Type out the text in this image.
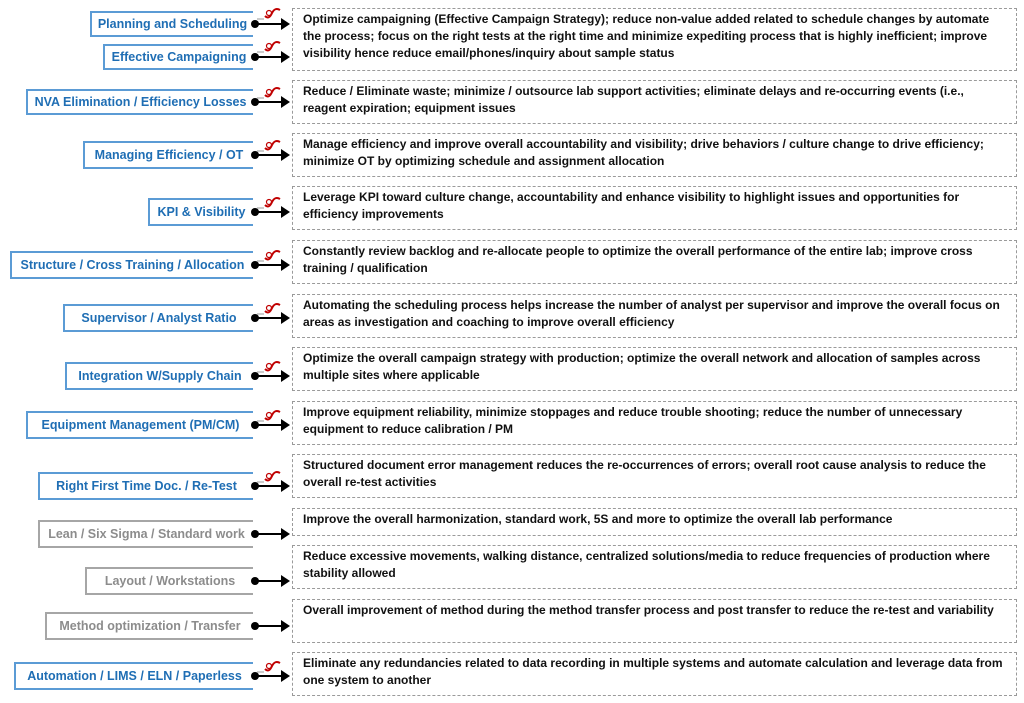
Planning and Scheduling
Effective Campaigning
Optimize campaigning (Effective Campaign Strategy); reduce non-value added related to schedule changes by automate the process; focus on the right tests at the right time and minimize expediting process that is highly inefficient; improve visibility hence reduce email/phones/inquiry about sample status
NVA Elimination / Efficiency Losses
Reduce / Eliminate waste; minimize / outsource lab support activities; eliminate delays and re-occurring events (i.e., reagent expiration; equipment issues
Managing Efficiency / OT
Manage efficiency and improve overall accountability and visibility; drive behaviors / culture change to drive efficiency; minimize OT by optimizing schedule and assignment allocation
KPI & Visibility
Leverage KPI toward culture change, accountability and enhance visibility to highlight issues and opportunities for efficiency improvements
Structure / Cross Training / Allocation
Constantly review backlog and re-allocate people to optimize the overall performance of the entire lab; improve cross training / qualification
Supervisor / Analyst Ratio
Automating the scheduling process helps increase the number of analyst per supervisor and improve the overall focus on areas as investigation and coaching to improve overall efficiency
Integration W/Supply Chain
Optimize the overall campaign strategy with production; optimize the overall network and allocation of samples across multiple sites where applicable
Equipment Management (PM/CM)
Improve equipment reliability, minimize stoppages and reduce trouble shooting; reduce the number of unnecessary equipment to reduce calibration / PM
Right First Time Doc. / Re-Test
Structured document error management reduces the re-occurrences of errors; overall root cause analysis to reduce the overall re-test activities
Lean / Six Sigma / Standard work
Improve the overall harmonization, standard work, 5S and more to optimize the overall lab performance
Layout / Workstations
Reduce excessive movements, walking distance, centralized solutions/media to reduce frequencies of production where stability allowed
Method optimization / Transfer
Overall improvement of method during the method transfer process and post transfer to reduce the re-test and variability
Automation / LIMS / ELN / Paperless
Eliminate any redundancies related to data recording in multiple systems and automate calculation and leverage data from one system to another
